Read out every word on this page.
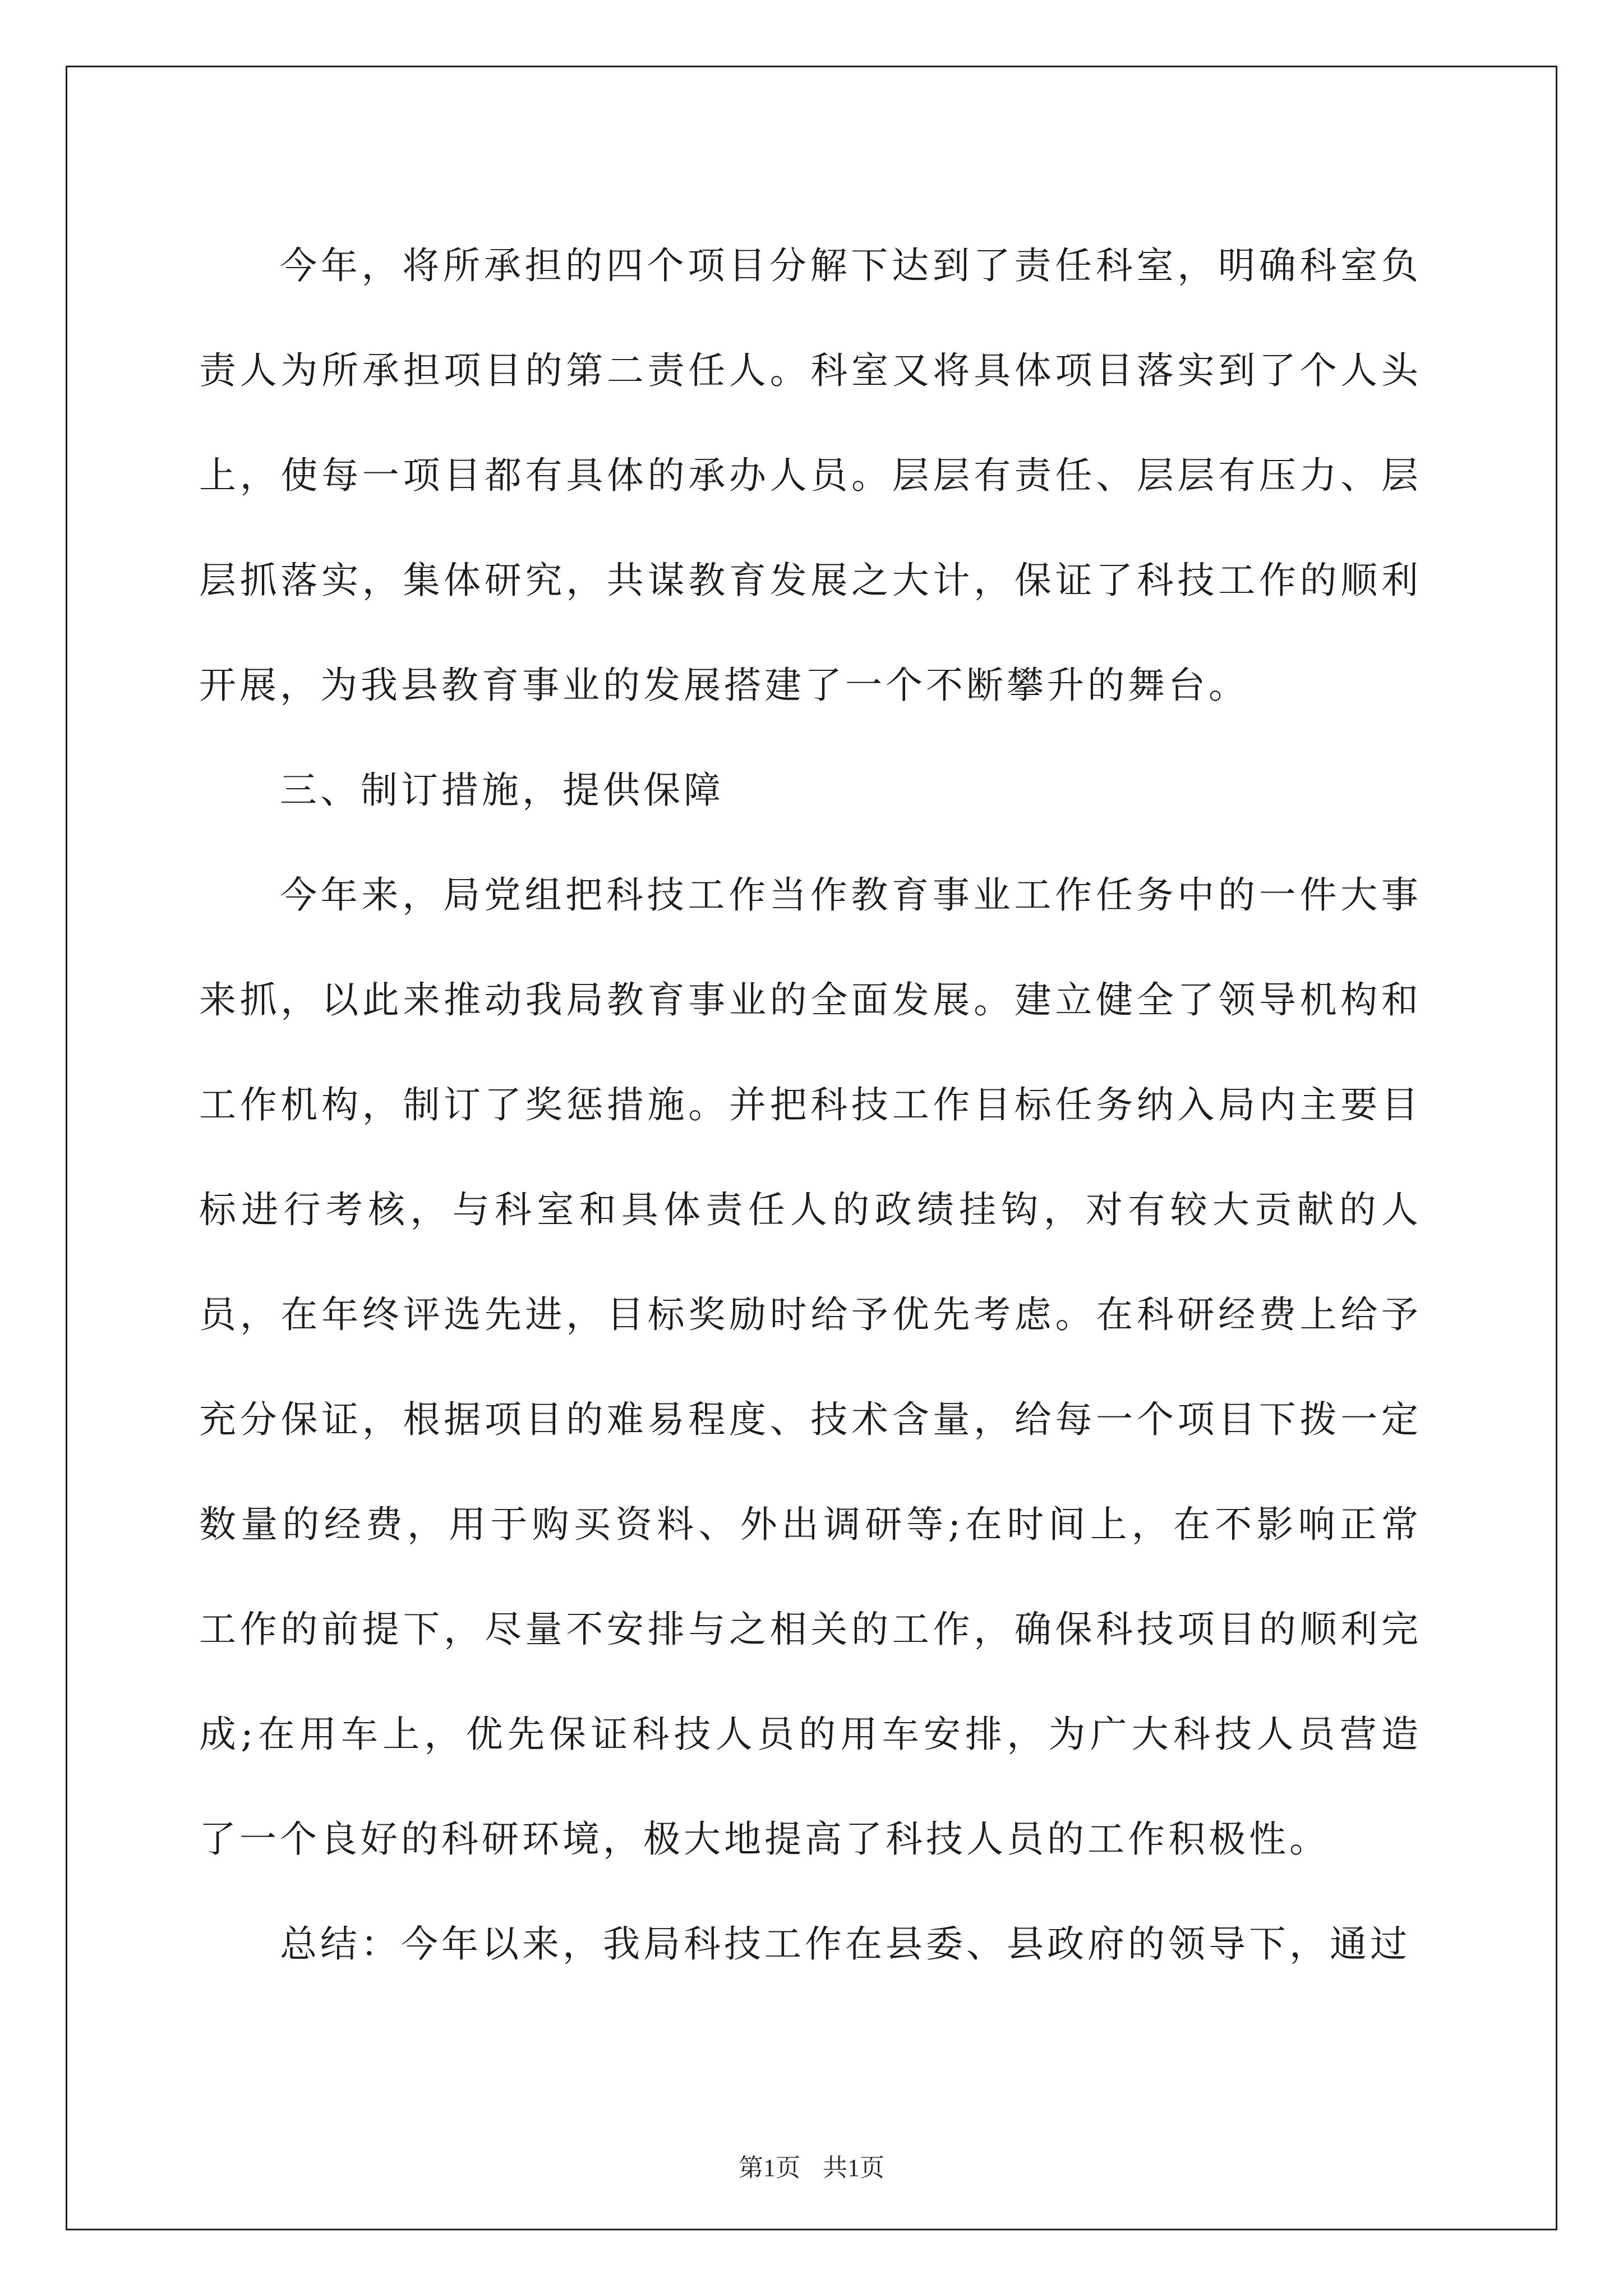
今年，将所承担的四个项目分解下达到了责任科室，明确科室负责人为所承担项目的第二责任人。科室又将具体项目落实到了个人头上，使每一项目都有具体的承办人员。层层有责任、层层有压力、层层抓落实，集体研究，共谋教育发展之大计，保证了科技工作的顺利开展，为我县教育事业的发展搭建了一个不断攀升的舞台。

三、制订措施，提供保障

今年来，局党组把科技工作当作教育事业工作任务中的一件大事来抓，以此来推动我局教育事业的全面发展。建立健全了领导机构和工作机构，制订了奖惩措施。并把科技工作目标任务纳入局内主要目标进行考核，与科室和具体责任人的政绩挂钩，对有较大贡献的人员，在年终评选先进，目标奖励时给予优先考虑。在科研经费上给予充分保证，根据项目的难易程度、技术含量，给每一个项目下拨一定数量的经费，用于购买资料、外出调研等;在时间上，在不影响正常工作的前提下，尽量不安排与之相关的工作，确保科技项目的顺利完成;在用车上，优先保证科技人员的用车安排，为广大科技人员营造了一个良好的科研环境，极大地提高了科技人员的工作积极性。

总结：今年以来，我局科技工作在县委、县政府的领导下，通过

第1页 共1页
